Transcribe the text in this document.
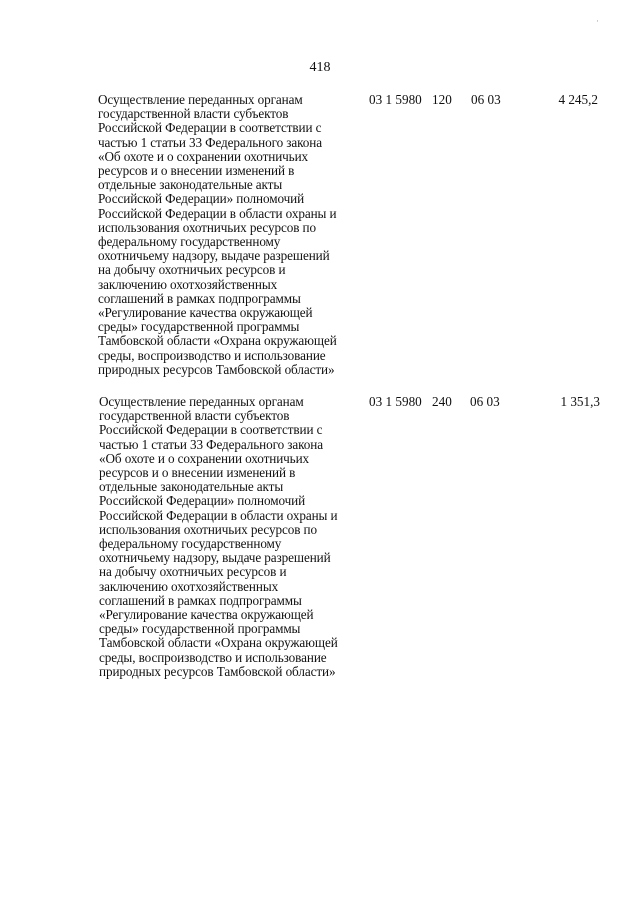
·
418
Осуществление переданных органам
государственной власти субъектов
Российской Федерации в соответствии с
частью 1 статьи 33 Федерального закона
«Об охоте и о сохранении охотничьих
ресурсов и о внесении изменений в
отдельные законодательные акты
Российской Федерации» полномочий
Российской Федерации в области охраны и
использования охотничьих ресурсов по
федеральному государственному
охотничьему надзору, выдаче разрешений
на добычу охотничьих ресурсов и
заключению охотхозяйственных
соглашений в рамках подпрограммы
«Регулирование качества окружающей
среды» государственной программы
Тамбовской области «Охрана окружающей
среды, воспроизводство и использование
природных ресурсов Тамбовской области»
03 1 5980 120 06 03	4 245,2
Осуществление переданных органам
государственной власти субъектов
Российской Федерации в соответствии с
частью 1 статьи 33 Федерального закона
«Об охоте и о сохранении охотничьих
ресурсов и о внесении изменений в
отдельные законодательные акты
Российской Федерации» полномочий
Российской Федерации в области охраны и
использования охотничьих ресурсов по
федеральному государственному
охотничьему надзору, выдаче разрешений
на добычу охотничьих ресурсов и
заключению охотхозяйственных
соглашений в рамках подпрограммы
«Регулирование качества окружающей
среды» государственной программы
Тамбовской области «Охрана окружающей
среды, воспроизводство и использование
природных ресурсов Тамбовской области»
03 1 5980 240 06 03	1 351,3
